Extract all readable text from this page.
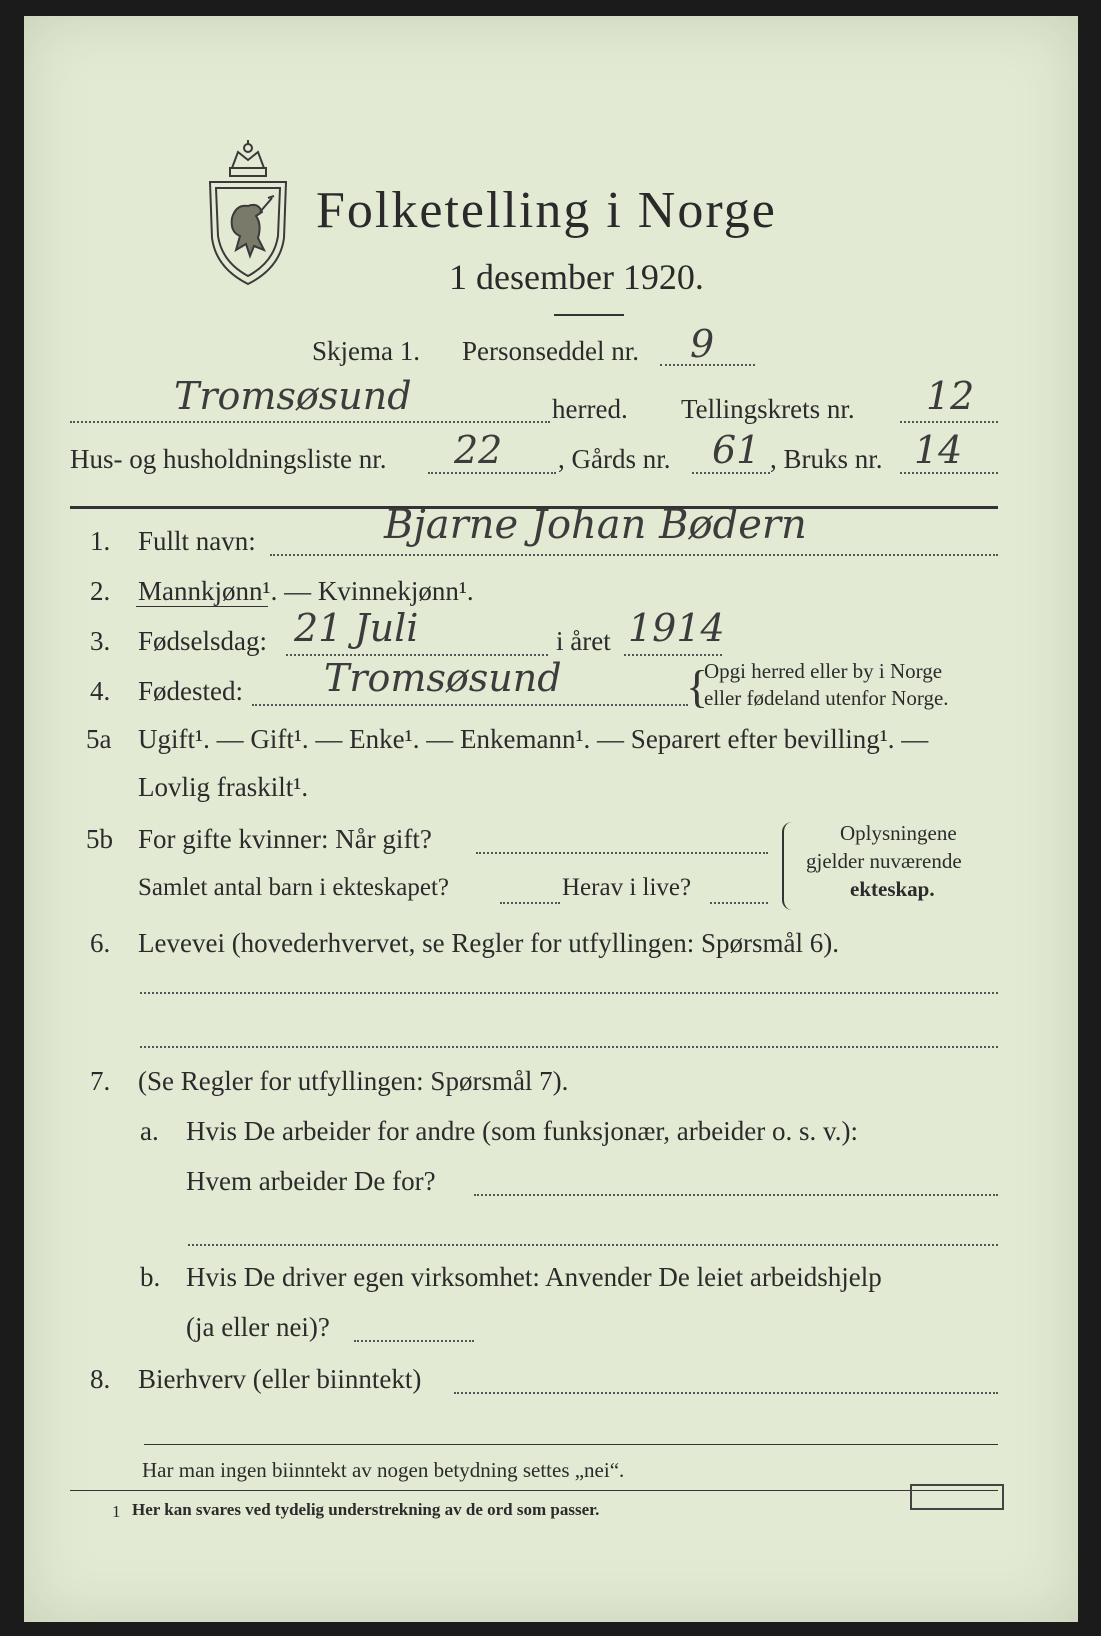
Folketelling i Norge
1 desember 1920.
Skjema 1. Personseddel nr. 9
Tromsøsund	herred. Tellingskrets nr. 12
Hus- og husholdningsliste nr. 22 , Gårds nr. 61 , Bruks nr. 14
1. Fullt navn:	Bjarne Johan Bødern
2. Mannkjønn¹. — Kvinnekjønn¹.
3. Fødselsdag: 21 Juli	i året 1914
4. Fødested: Tromsøsund	{
Opgi herred eller by i Norge
eller fødeland utenfor Norge.
5a Ugift¹. — Gift¹. — Enke¹. — Enkemann¹. — Separert efter bevilling¹. —
Lovlig fraskilt¹.
5b For gifte kvinner: Når gift?
Samlet antal barn i ekteskapet?	Herav i live?
Oplysningene
gjelder nuværende
ekteskap.
6. Levevei (hovederhvervet, se Regler for utfyllingen: Spørsmål 6).
7. (Se Regler for utfyllingen: Spørsmål 7).
a. Hvis De arbeider for andre (som funksjonær, arbeider o. s. v.):
Hvem arbeider De for?
b. Hvis De driver egen virksomhet: Anvender De leiet arbeidshjelp
(ja eller nei)?
8. Bierhverv (eller biinntekt)
Har man ingen biinntekt av nogen betydning settes „nei“.
1 Her kan svares ved tydelig understrekning av de ord som passer.
